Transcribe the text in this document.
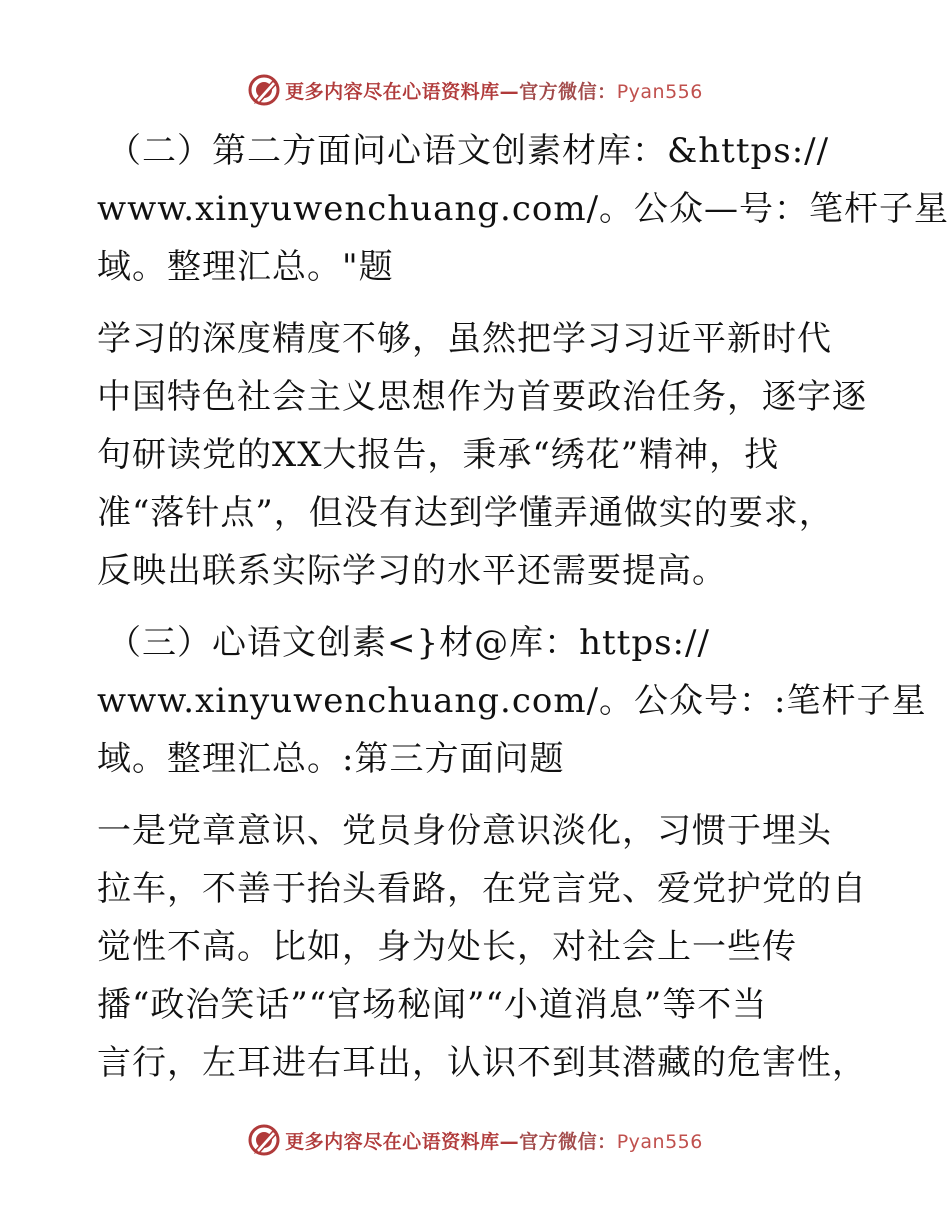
更多内容尽在心语资料库—官方微信：Pyan556
（二）第二方面问心语文创素材库：&https://
www.xinyuwenchuang.com/。公众—号：笔杆子星
域。整理汇总。"题
学习的深度精度不够，虽然把学习习近平新时代
中国特色社会主义思想作为首要政治任务，逐字逐
句研读党的XX大报告，秉承“绣花”精神，找
准“落针点”，但没有达到学懂弄通做实的要求，
反映出联系实际学习的水平还需要提高。
（三）心语文创素<}材@库：https://
www.xinyuwenchuang.com/。公众号：:笔杆子星
域。整理汇总。:第三方面问题
一是党章意识、党员身份意识淡化，习惯于埋头
拉车，不善于抬头看路，在党言党、爱党护党的自
觉性不高。比如，身为处长，对社会上一些传
播“政治笑话”“官场秘闻”“小道消息”等不当
言行，左耳进右耳出，认识不到其潜藏的危害性，
更多内容尽在心语资料库—官方微信：Pyan556
